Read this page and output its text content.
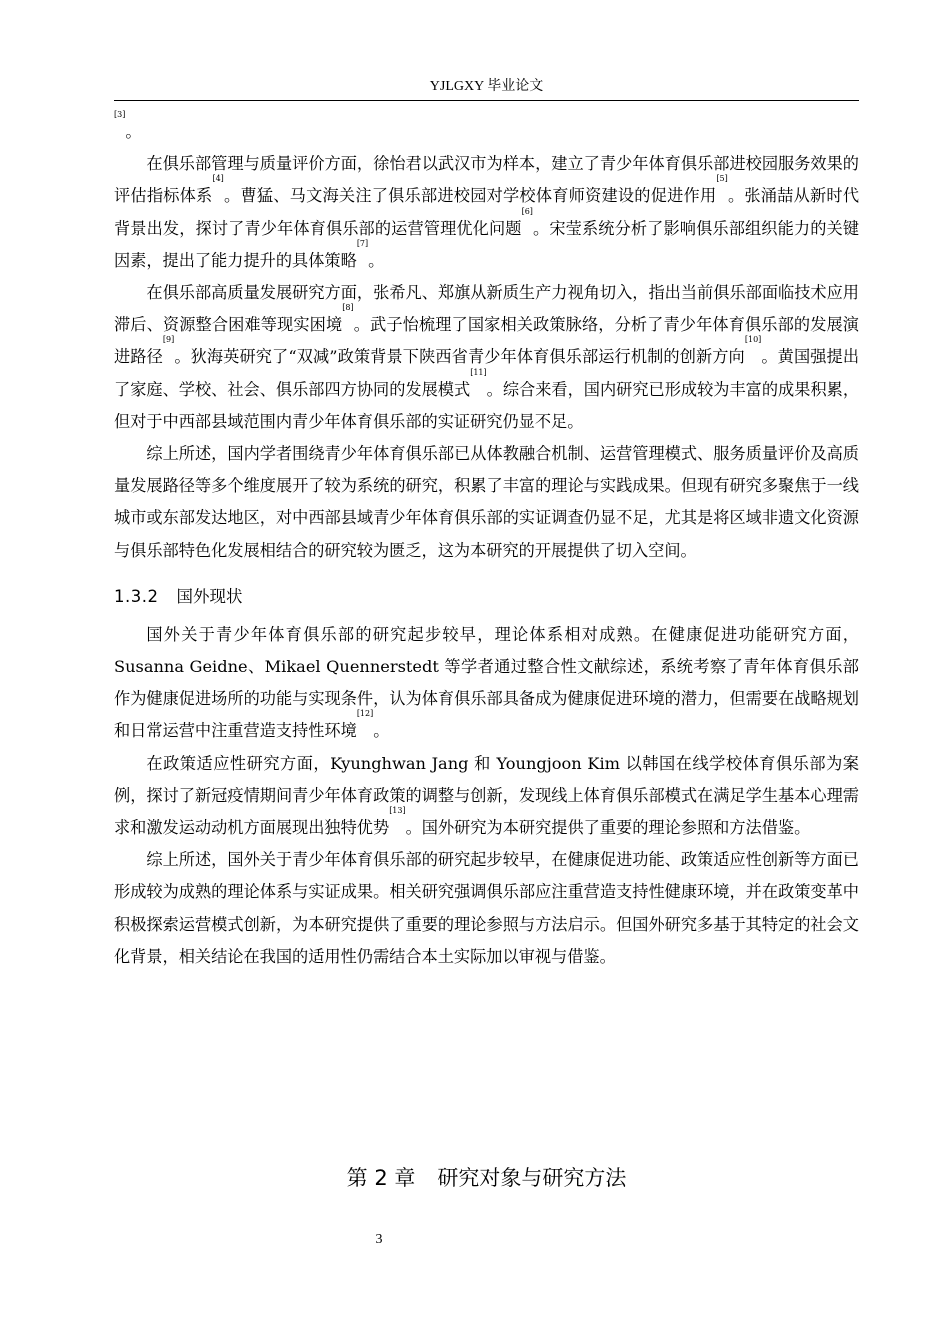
YJLGXY 毕业论文

[3]。

在俱乐部管理与质量评价方面，徐怡君以武汉市为样本，建立了青少年体育俱乐部进校园服务效果的评估指标体系[4]。曹猛、马文海关注了俱乐部进校园对学校体育师资建设的促进作用[5]。张涌喆从新时代背景出发，探讨了青少年体育俱乐部的运营管理优化问题[6]。宋莹系统分析了影响俱乐部组织能力的关键因素，提出了能力提升的具体策略[7]。

在俱乐部高质量发展研究方面，张希凡、郑旗从新质生产力视角切入，指出当前俱乐部面临技术应用滞后、资源整合困难等现实困境[8]。武子怡梳理了国家相关政策脉络，分析了青少年体育俱乐部的发展演进路径[9]。狄海英研究了“双减”政策背景下陕西省青少年体育俱乐部运行机制的创新方向[10]。黄国强提出了家庭、学校、社会、俱乐部四方协同的发展模式[11]。综合来看，国内研究已形成较为丰富的成果积累，但对于中西部县域范围内青少年体育俱乐部的实证研究仍显不足。

综上所述，国内学者围绕青少年体育俱乐部已从体教融合机制、运营管理模式、服务质量评价及高质量发展路径等多个维度展开了较为系统的研究，积累了丰富的理论与实践成果。但现有研究多聚焦于一线城市或东部发达地区，对中西部县域青少年体育俱乐部的实证调查仍显不足，尤其是将区域非遗文化资源与俱乐部特色化发展相结合的研究较为匮乏，这为本研究的开展提供了切入空间。

1.3.2 国外现状

国外关于青少年体育俱乐部的研究起步较早，理论体系相对成熟。在健康促进功能研究方面，Susanna Geidne、Mikael Quennerstedt 等学者通过整合性文献综述，系统考察了青年体育俱乐部作为健康促进场所的功能与实现条件，认为体育俱乐部具备成为健康促进环境的潜力，但需要在战略规划和日常运营中注重营造支持性环境[12]。

在政策适应性研究方面，Kyunghwan Jang 和 Youngjoon Kim 以韩国在线学校体育俱乐部为案例，探讨了新冠疫情期间青少年体育政策的调整与创新，发现线上体育俱乐部模式在满足学生基本心理需求和激发运动动机方面展现出独特优势[13]。国外研究为本研究提供了重要的理论参照和方法借鉴。

综上所述，国外关于青少年体育俱乐部的研究起步较早，在健康促进功能、政策适应性创新等方面已形成较为成熟的理论体系与实证成果。相关研究强调俱乐部应注重营造支持性健康环境，并在政策变革中积极探索运营模式创新，为本研究提供了重要的理论参照与方法启示。但国外研究多基于其特定的社会文化背景，相关结论在我国的适用性仍需结合本土实际加以审视与借鉴。

第 2 章 研究对象与研究方法
3
